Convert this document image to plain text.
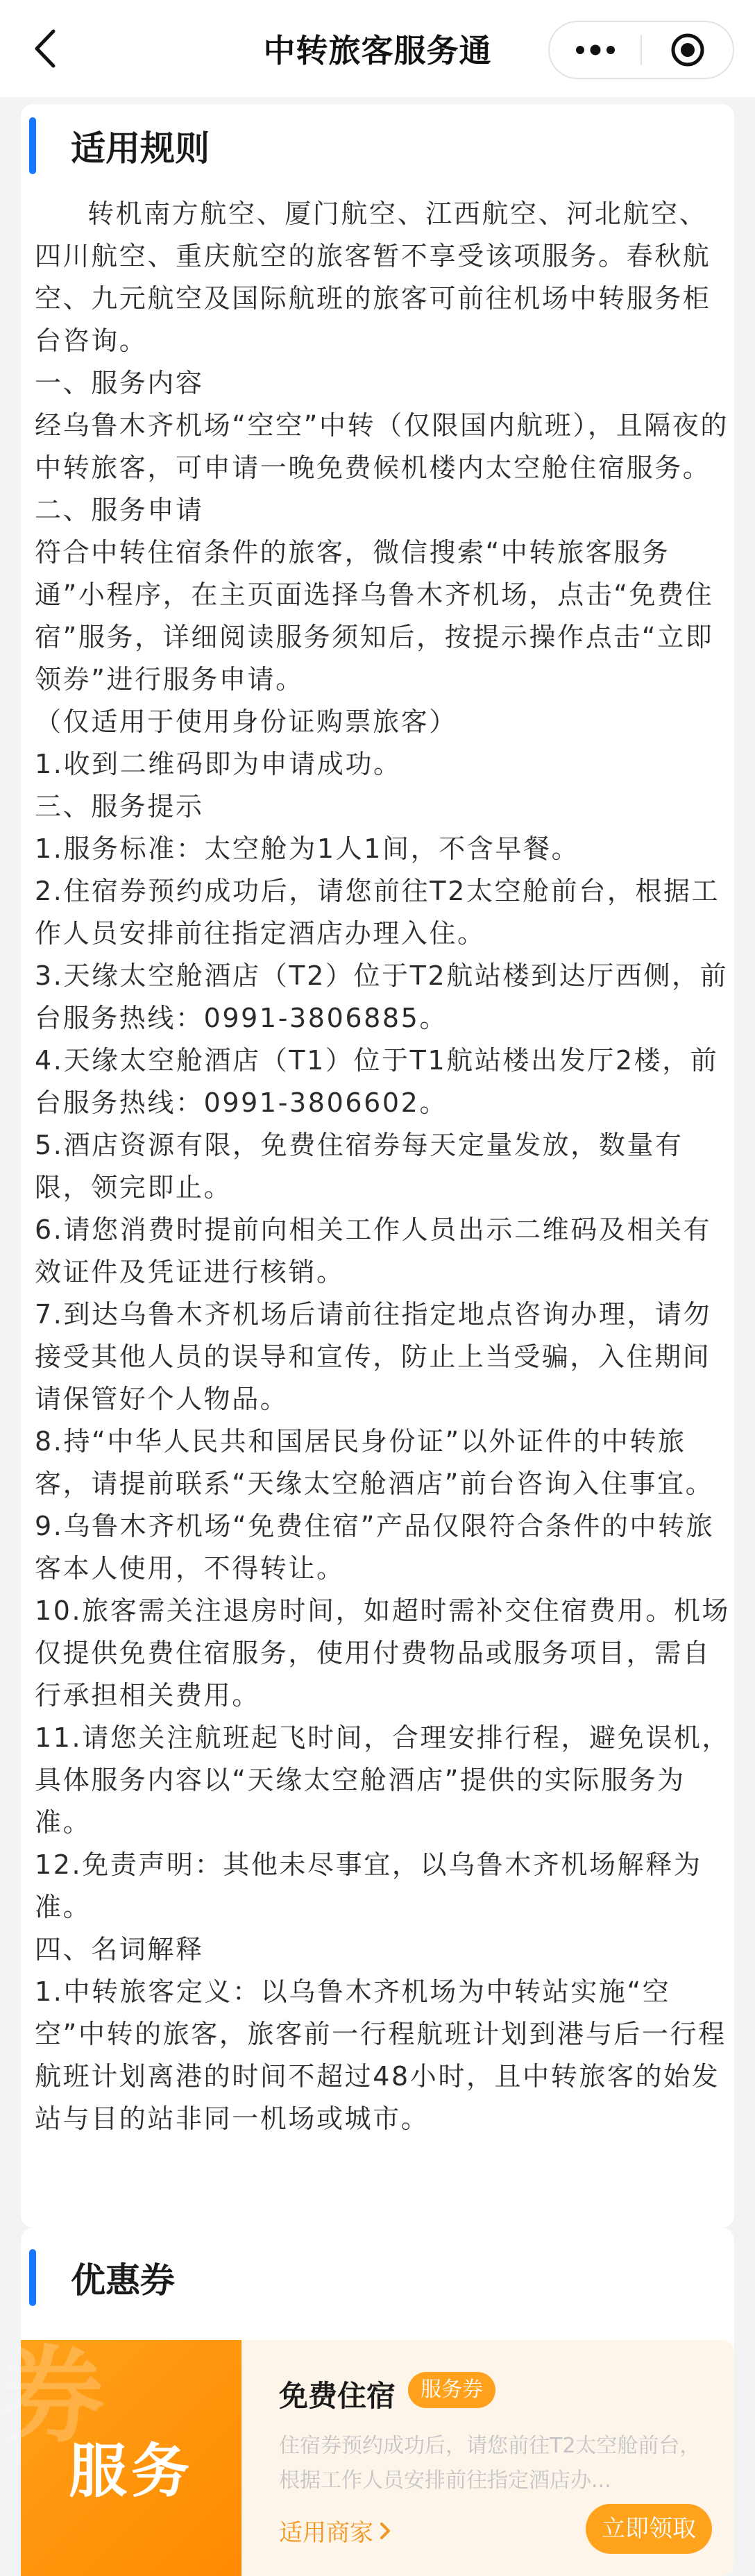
中转旅客服务通
适用规则

转机南方航空、厦门航空、江西航空、河北航空、四川航空、重庆航空的旅客暂不享受该项服务。春秋航空、九元航空及国际航班的旅客可前往机场中转服务柜台咨询。

一、服务内容

经乌鲁木齐机场“空空”中转（仅限国内航班），且隔夜的中转旅客，可申请一晚免费候机楼内太空舱住宿服务。

二、服务申请

符合中转住宿条件的旅客，微信搜索“中转旅客服务通”小程序，在主页面选择乌鲁木齐机场，点击“免费住宿”服务，详细阅读服务须知后，按提示操作点击“立即领券”进行服务申请。

（仅适用于使用身份证购票旅客）

1.收到二维码即为申请成功。

三、服务提示

1.服务标准：太空舱为1人1间，不含早餐。

2.住宿券预约成功后，请您前往T2太空舱前台，根据工作人员安排前往指定酒店办理入住。

3.天缘太空舱酒店（T2）位于T2航站楼到达厅西侧，前台服务热线：0991-3806885。

4.天缘太空舱酒店（T1）位于T1航站楼出发厅2楼，前台服务热线：0991-3806602。

5.酒店资源有限，免费住宿券每天定量发放，数量有限，领完即止。

6.请您消费时提前向相关工作人员出示二维码及相关有效证件及凭证进行核销。

7.到达乌鲁木齐机场后请前往指定地点咨询办理，请勿接受其他人员的误导和宣传，防止上当受骗，入住期间请保管好个人物品。

8.持“中华人民共和国居民身份证”以外证件的中转旅客，请提前联系“天缘太空舱酒店”前台咨询入住事宜。

9.乌鲁木齐机场“免费住宿”产品仅限符合条件的中转旅客本人使用，不得转让。

10.旅客需关注退房时间，如超时需补交住宿费用。机场仅提供免费住宿服务，使用付费物品或服务项目，需自行承担相关费用。

11.请您关注航班起飞时间，合理安排行程，避免误机，具体服务内容以“天缘太空舱酒店”提供的实际服务为准。

12.免责声明：其他未尽事宜，以乌鲁木齐机场解释为准。

四、名词解释

1.中转旅客定义：以乌鲁木齐机场为中转站实施“空空”中转的旅客，旅客前一行程航班计划到港与后一行程航班计划离港的时间不超过48小时，且中转旅客的始发站与目的站非同一机场或城市。

优惠券
券
服务
免费住宿	服务券
住宿券预约成功后，请您前往T2太空舱前台，根据工作人员安排前往指定酒店办...
适用商家	立即领取
